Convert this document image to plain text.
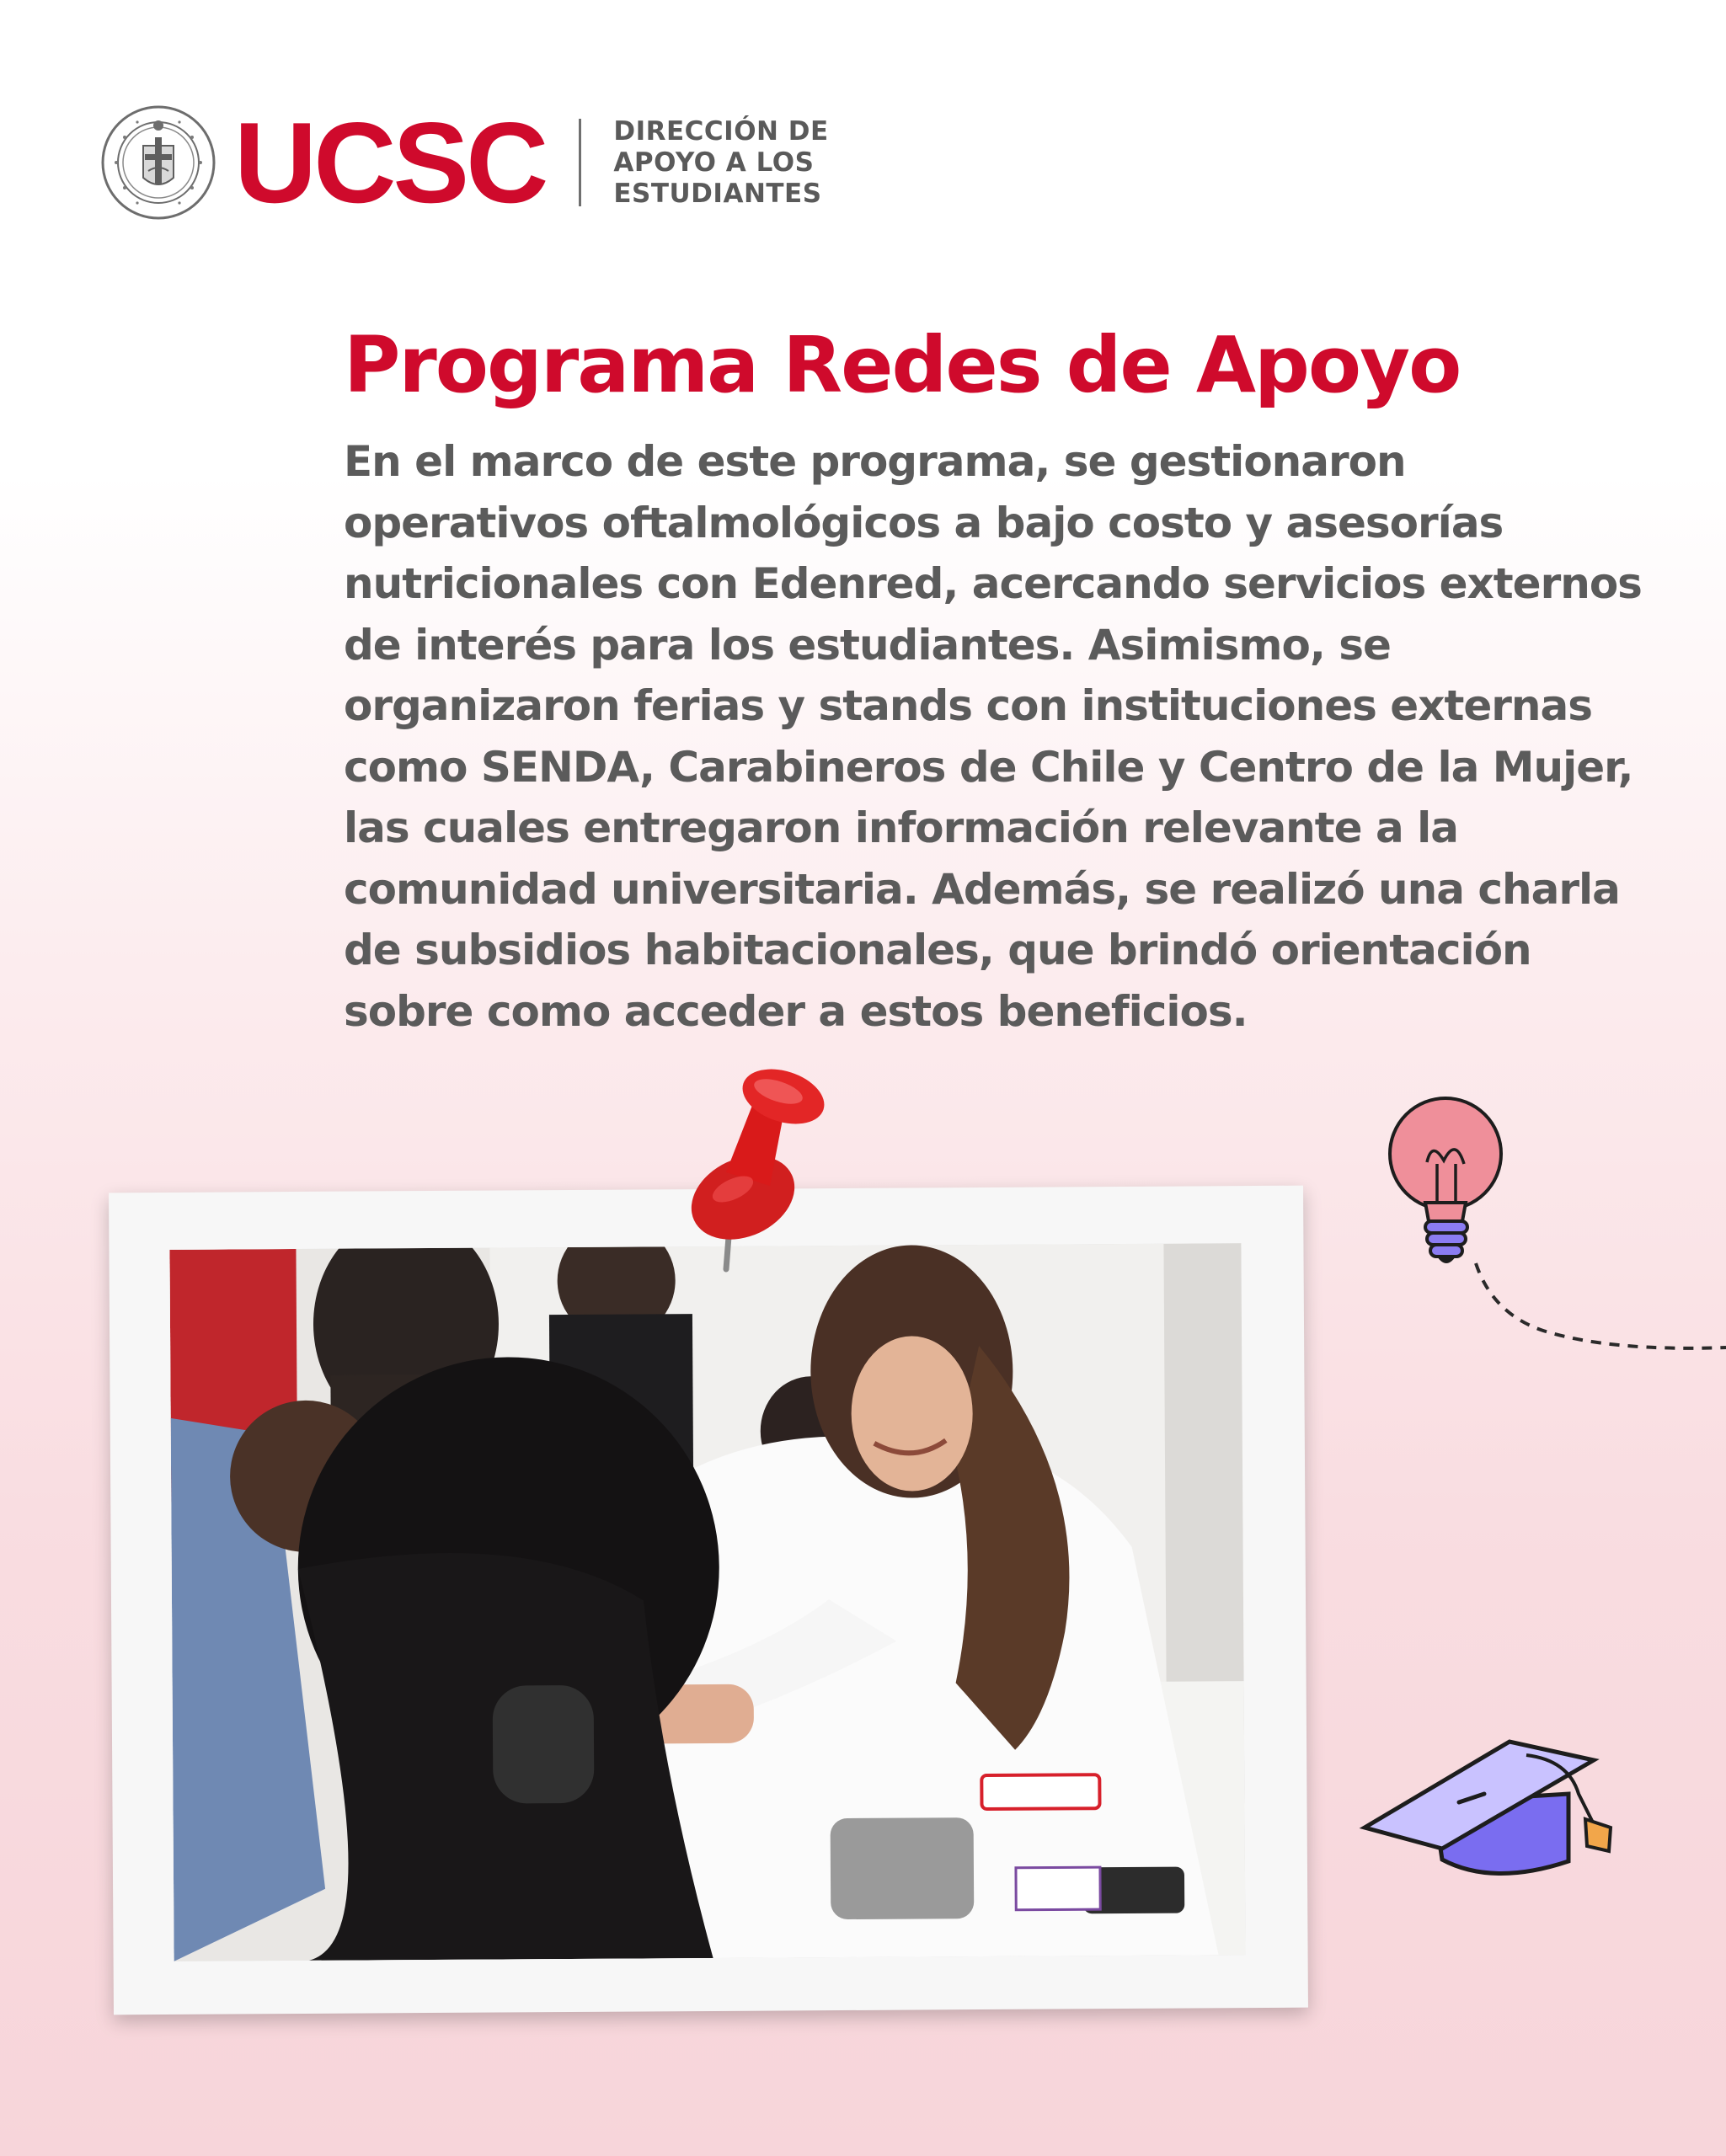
UCSC	DIRECCIÓN DE
APOYO A LOS
ESTUDIANTES
Programa Redes de Apoyo

En el marco de este programa, se gestionaron operativos oftalmológicos a bajo costo y asesorías nutricionales con Edenred, acercando servicios externos de interés para los estudiantes. Asimismo, se organizaron ferias y stands con instituciones externas como SENDA, Carabineros de Chile y Centro de la Mujer, las cuales entregaron información relevante a la comunidad universitaria. Además, se realizó una charla de subsidios habitacionales, que brindó orientación sobre como acceder a estos beneficios.
